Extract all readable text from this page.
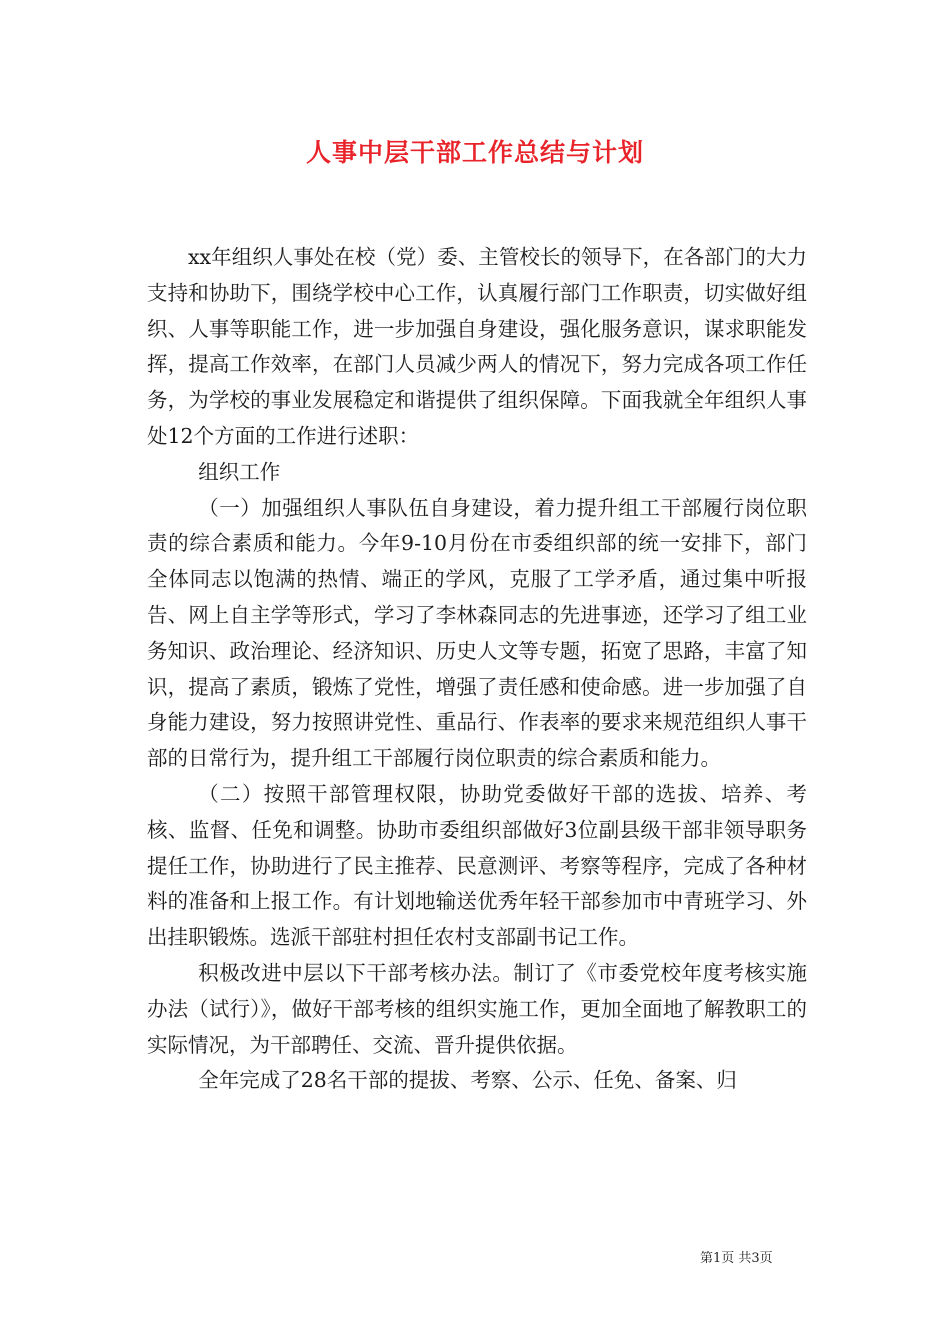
人事中层干部工作总结与计划

xx年组织人事处在校（党）委、主管校长的领导下，在各部门的大力支持和协助下，围绕学校中心工作，认真履行部门工作职责，切实做好组织、人事等职能工作，进一步加强自身建设，强化服务意识，谋求职能发挥，提高工作效率，在部门人员减少两人的情况下，努力完成各项工作任务，为学校的事业发展稳定和谐提供了组织保障。下面我就全年组织人事处12个方面的工作进行述职：

组织工作

（一）加强组织人事队伍自身建设，着力提升组工干部履行岗位职责的综合素质和能力。今年9-10月份在市委组织部的统一安排下，部门全体同志以饱满的热情、端正的学风，克服了工学矛盾，通过集中听报告、网上自主学等形式，学习了李林森同志的先进事迹，还学习了组工业务知识、政治理论、经济知识、历史人文等专题，拓宽了思路，丰富了知识，提高了素质，锻炼了党性，增强了责任感和使命感。进一步加强了自身能力建设，努力按照讲党性、重品行、作表率的要求来规范组织人事干部的日常行为，提升组工干部履行岗位职责的综合素质和能力。

（二）按照干部管理权限，协助党委做好干部的选拔、培养、考核、监督、任免和调整。协助市委组织部做好3位副县级干部非领导职务提任工作，协助进行了民主推荐、民意测评、考察等程序，完成了各种材料的准备和上报工作。有计划地输送优秀年轻干部参加市中青班学习、外出挂职锻炼。选派干部驻村担任农村支部副书记工作。

积极改进中层以下干部考核办法。制订了《市委党校年度考核实施办法（试行）》，做好干部考核的组织实施工作，更加全面地了解教职工的实际情况，为干部聘任、交流、晋升提供依据。

全年完成了28名干部的提拔、考察、公示、任免、备案、归

第1页 共3页
